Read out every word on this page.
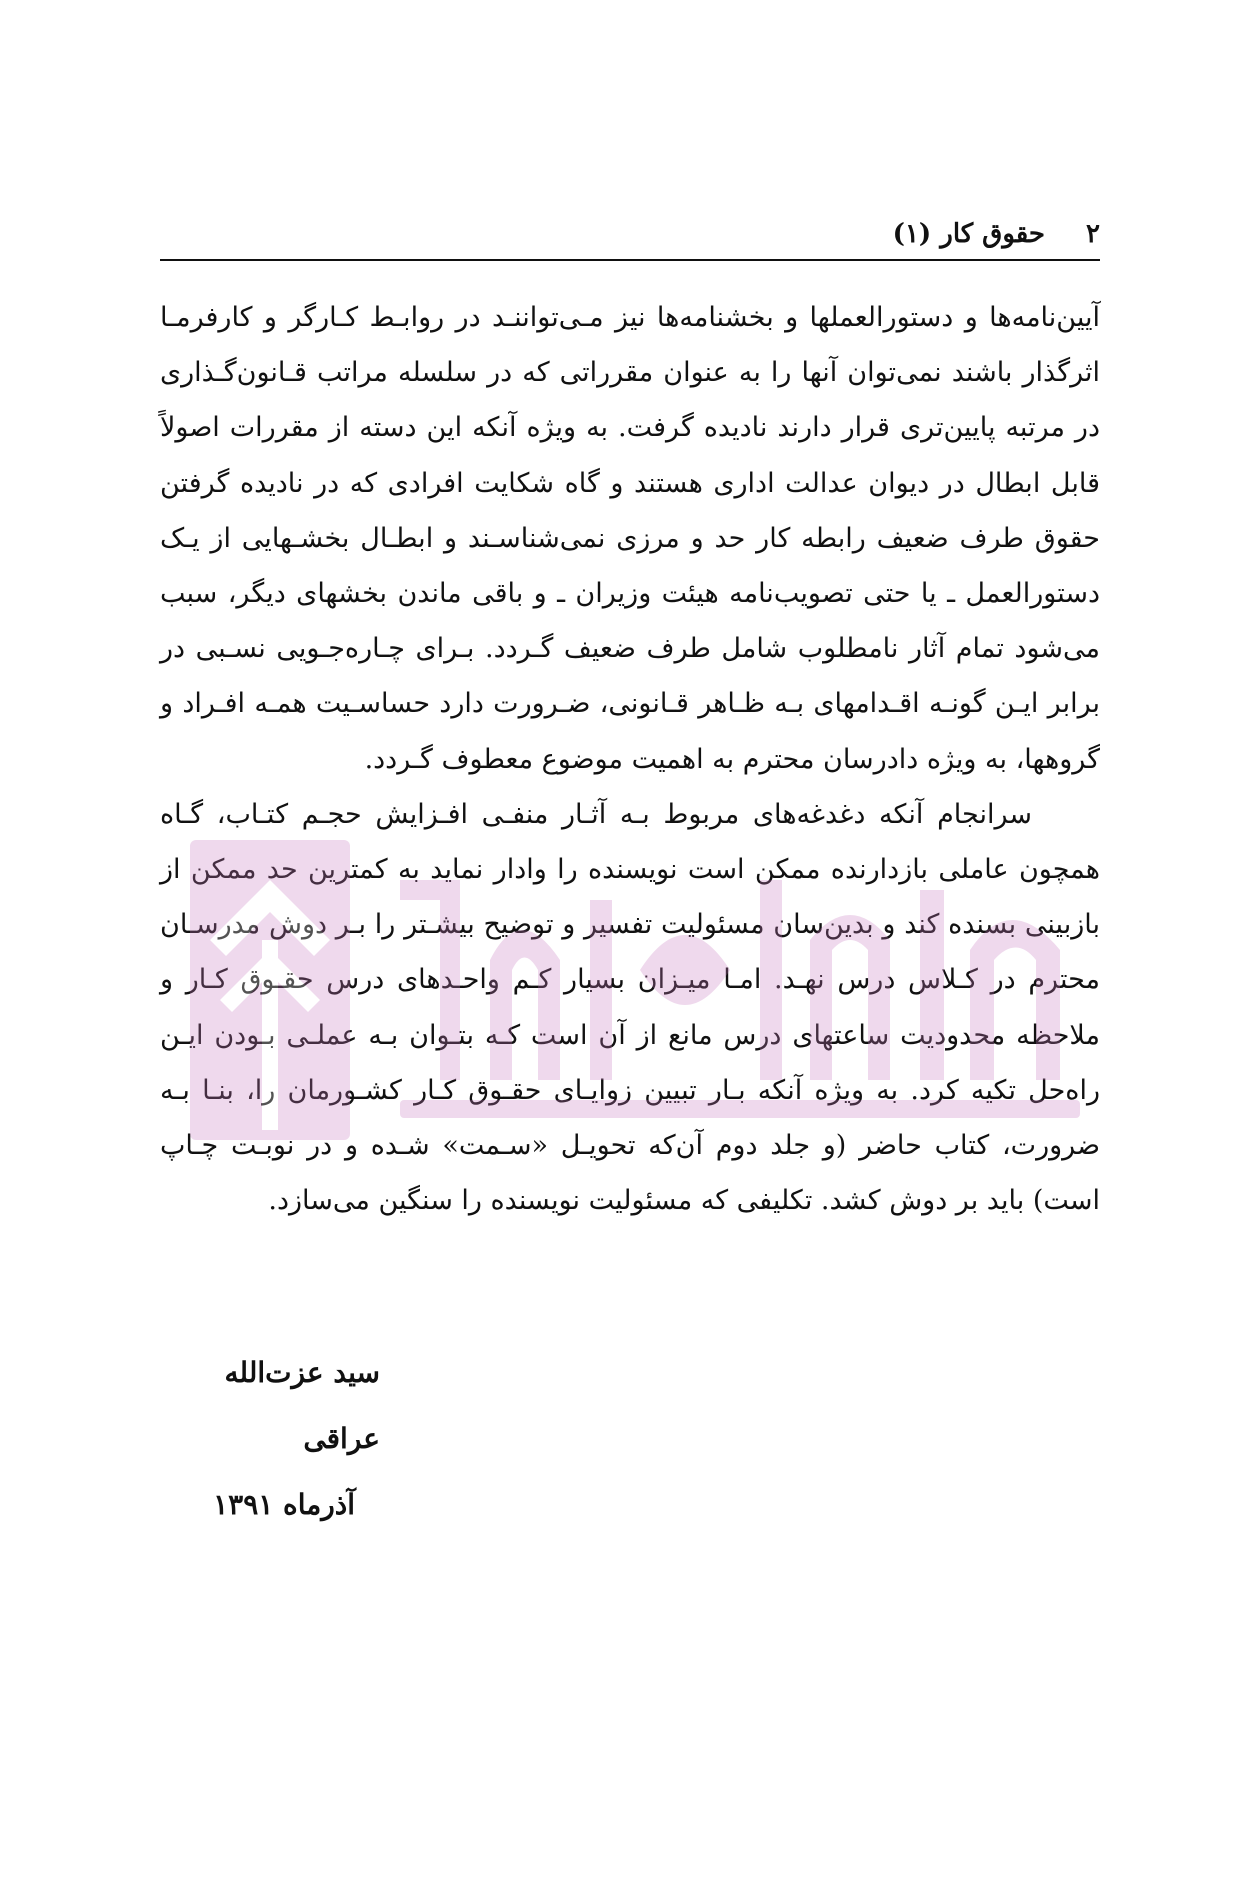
۲
حقوق کار (۱)

آیین‌نامه‌ها و دستورالعملها و بخشنامه‌ها نیز مـی‌تواننـد در روابـط کـارگر و کارفرمـا اثرگذار باشند نمی‌توان آنها را به عنوان مقرراتی که در سلسله مراتب قـانون‌گـذاری در مرتبه پایین‌تری قرار دارند نادیده گرفت. به ویژه آنکه این دسته از مقررات اصولاً قابل ابطال در دیوان عدالت اداری هستند و گاه شکایت افرادی که در نادیده گرفتن حقوق طرف ضعیف رابطه کار حد و مرزی نمی‌شناسـند و ابطـال بخشـهایی از یـک دستورالعمل ـ یا حتی تصویب‌نامه هیئت وزیران ـ و باقی ماندن بخشهای دیگر، سبب می‌شود تمام آثار نامطلوب شامل طرف ضعیف گـردد. بـرای چـاره‌جـویی نسـبی در برابر ایـن گونـه اقـدامهای بـه ظـاهر قـانونی، ضـرورت دارد حساسـیت همـه افـراد و گروهها، به ویژه دادرسان محترم به اهمیت موضوع معطوف گـردد.

سرانجام آنکه دغدغه‌های مربوط بـه آثـار منفـی افـزایش حجـم کتـاب، گـاه همچون عاملی بازدارنده ممکن است نویسنده را وادار نماید به کمترین حد ممکن از بازبینی بسنده کند و بدین‌سان مسئولیت تفسیر و توضیح بیشـتر را بـر دوش مدرسـان محترم در کـلاس درس نهـد. امـا میـزان بسیار کـم واحـدهای درس حقـوق کـار و ملاحظه محدودیت ساعتهای درس مانع از آن است کـه بتـوان بـه عملـی بـودن ایـن راه‌حل تکیه کرد. به ویژه آنکه بـار تبیین زوایـای حقـوق کـار کشـورمان را، بنـا بـه ضرورت، کتاب حاضر (و جلد دوم آن‌که تحویـل «سـمت» شـده و در نوبـت چـاپ است) باید بر دوش کشد. تکلیفی که مسئولیت نویسنده را سنگین می‌سازد.

سید عزت‌الله عراقی
آذرماه ۱۳۹۱
